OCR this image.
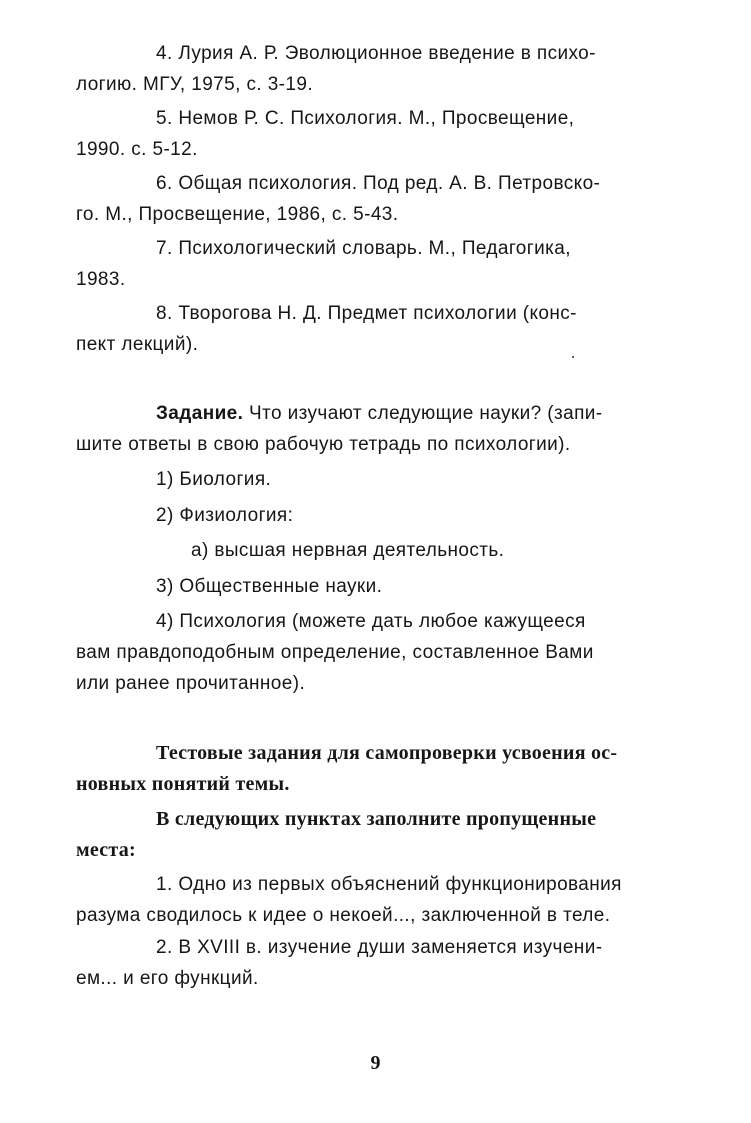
4. Лурия А. Р. Эволюционное введение в психо-
логию. МГУ, 1975, с. 3-19.

5. Немов Р. С. Психология. М., Просвещение,
1990. с. 5-12.

6. Общая психология. Под ред. А. В. Петровско-
го. М., Просвещение, 1986, с. 5-43.

7. Психологический словарь. М., Педагогика,
1983.

8. Творогова Н. Д. Предмет психологии (конс-
пект лекций).

Задание. Что изучают следующие науки? (запи-
шите ответы в свою рабочую тетрадь по психологии).

1) Биология.

2) Физиология:

а) высшая нервная деятельность.

3) Общественные науки.

4) Психология (можете дать любое кажущееся
вам правдоподобным определение, составленное Вами
или ранее прочитанное).

Тестовые задания для самопроверки усвоения ос-
новных понятий темы.

В следующих пунктах заполните пропущенные
места:

1. Одно из первых объяснений функционирования
разума сводилось к идее о некоей..., заключенной в теле.

2. В XVIII в. изучение души заменяется изучени-
ем... и его функций.

9
